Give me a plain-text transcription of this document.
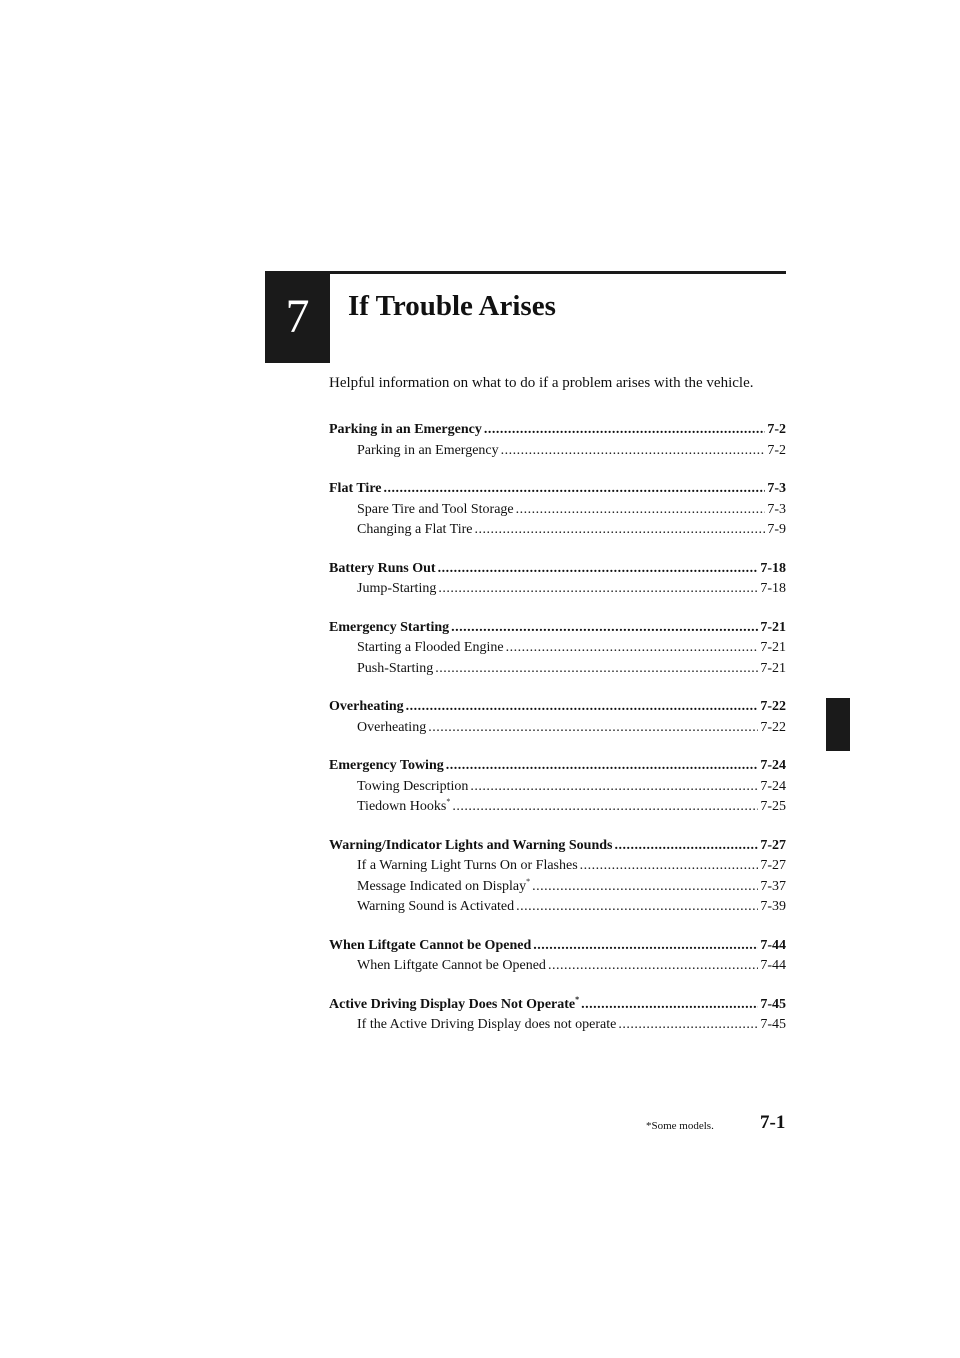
7	If Trouble Arises
Helpful information on what to do if a problem arises with the vehicle.
Parking in an Emergency .....	7-2
Parking in an Emergency .....	7-2
Flat Tire .....	7-3
Spare Tire and Tool Storage .....	7-3
Changing a Flat Tire .....	7-9
Battery Runs Out .....	7-18
Jump-Starting .....	7-18
Emergency Starting .....	7-21
Starting a Flooded Engine .....	7-21
Push-Starting .....	7-21
Overheating .....	7-22
Overheating .....	7-22
Emergency Towing .....	7-24
Towing Description .....	7-24
Tiedown Hooks* .....	7-25
Warning/Indicator Lights and Warning Sounds .....	7-27
If a Warning Light Turns On or Flashes .....	7-27
Message Indicated on Display* .....	7-37
Warning Sound is Activated .....	7-39
When Liftgate Cannot be Opened .....	7-44
When Liftgate Cannot be Opened .....	7-44
Active Driving Display Does Not Operate* .....	7-45
If the Active Driving Display does not operate .....	7-45
*Some models. 7-1
